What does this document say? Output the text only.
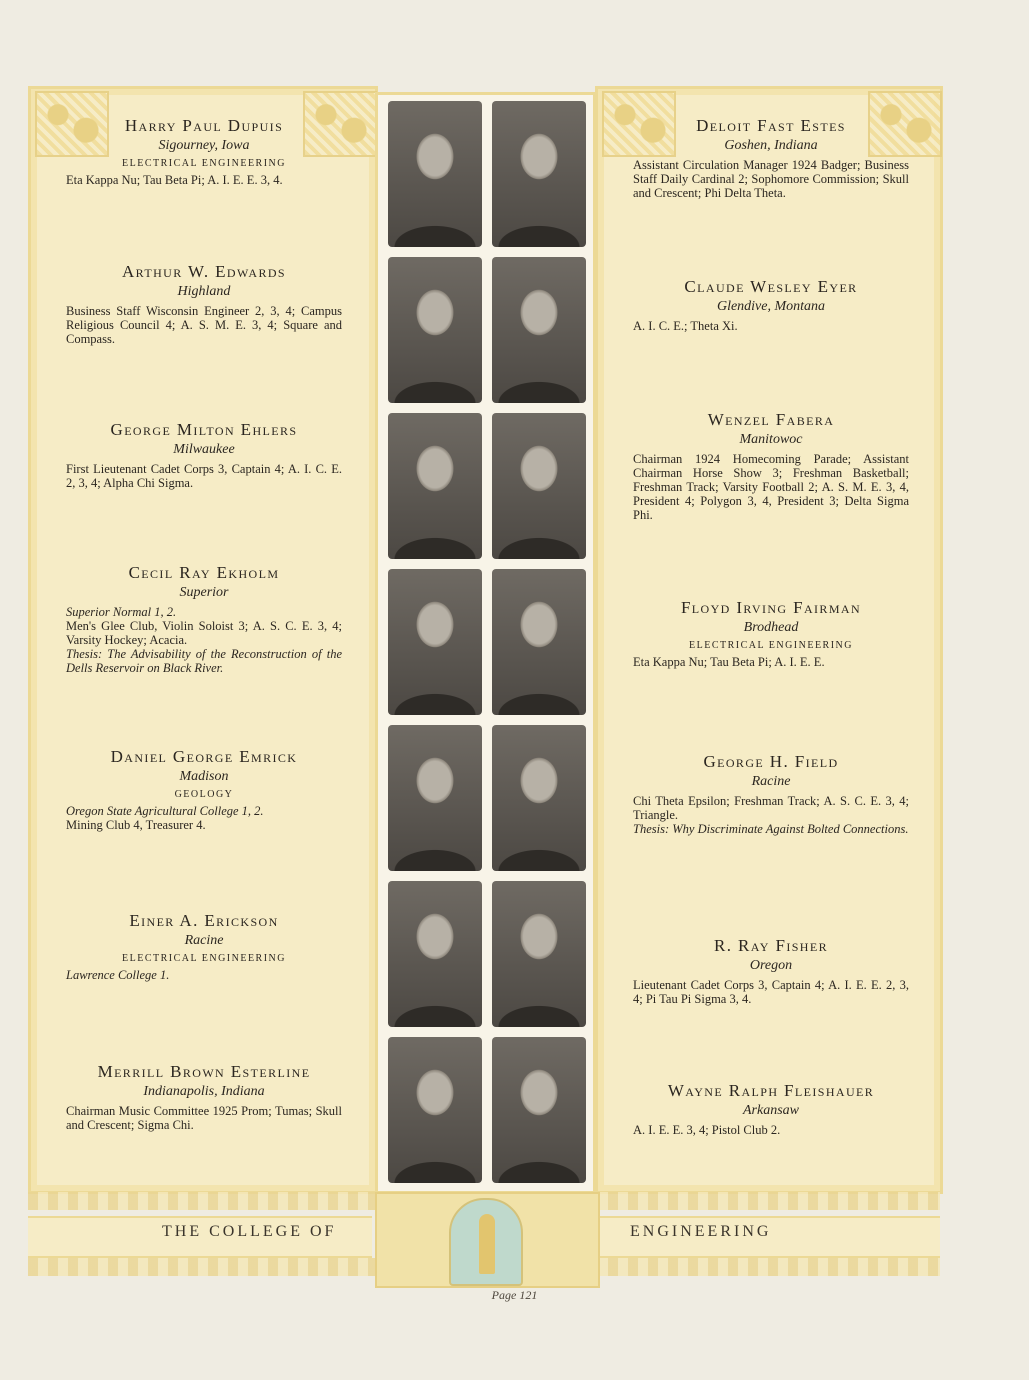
THE COLLEGE OF	ENGINEERING
Harry Paul Dupuis
Sigourney, Iowa
ELECTRICAL ENGINEERING
Eta Kappa Nu; Tau Beta Pi; A. I. E. E. 3, 4.
Arthur W. Edwards
Highland
Business Staff Wisconsin Engineer 2, 3, 4; Campus Religious Council 4; A. S. M. E. 3, 4; Square and Compass.
George Milton Ehlers
Milwaukee
First Lieutenant Cadet Corps 3, Captain 4; A. I. C. E. 2, 3, 4; Alpha Chi Sigma.
Cecil Ray Ekholm
Superior
Superior Normal 1, 2.
Men's Glee Club, Violin Soloist 3; A. S. C. E. 3, 4; Varsity Hockey; Acacia.
Thesis: The Advisability of the Reconstruction of the Dells Reservoir on Black River.
Daniel George Emrick
Madison
GEOLOGY
Oregon State Agricultural College 1, 2.
Mining Club 4, Treasurer 4.
Einer A. Erickson
Racine
ELECTRICAL ENGINEERING
Lawrence College 1.
Merrill Brown Esterline
Indianapolis, Indiana
Chairman Music Committee 1925 Prom; Tumas; Skull and Crescent; Sigma Chi.
Deloit Fast Estes
Goshen, Indiana
Assistant Circulation Manager 1924 Badger; Business Staff Daily Cardinal 2; Sophomore Commission; Skull and Crescent; Phi Delta Theta.
Claude Wesley Eyer
Glendive, Montana
A. I. C. E.; Theta Xi.
Wenzel Fabera
Manitowoc
Chairman 1924 Homecoming Parade; Assistant Chairman Horse Show 3; Freshman Basketball; Freshman Track; Varsity Football 2; A. S. M. E. 3, 4, President 4; Polygon 3, 4, President 3; Delta Sigma Phi.
Floyd Irving Fairman
Brodhead
ELECTRICAL ENGINEERING
Eta Kappa Nu; Tau Beta Pi; A. I. E. E.
George H. Field
Racine
Chi Theta Epsilon; Freshman Track; A. S. C. E. 3, 4; Triangle.
Thesis: Why Discriminate Against Bolted Connections.
R. Ray Fisher
Oregon
Lieutenant Cadet Corps 3, Captain 4; A. I. E. E. 2, 3, 4; Pi Tau Pi Sigma 3, 4.
Wayne Ralph Fleishauer
Arkansaw
A. I. E. E. 3, 4; Pistol Club 2.
Page 121
